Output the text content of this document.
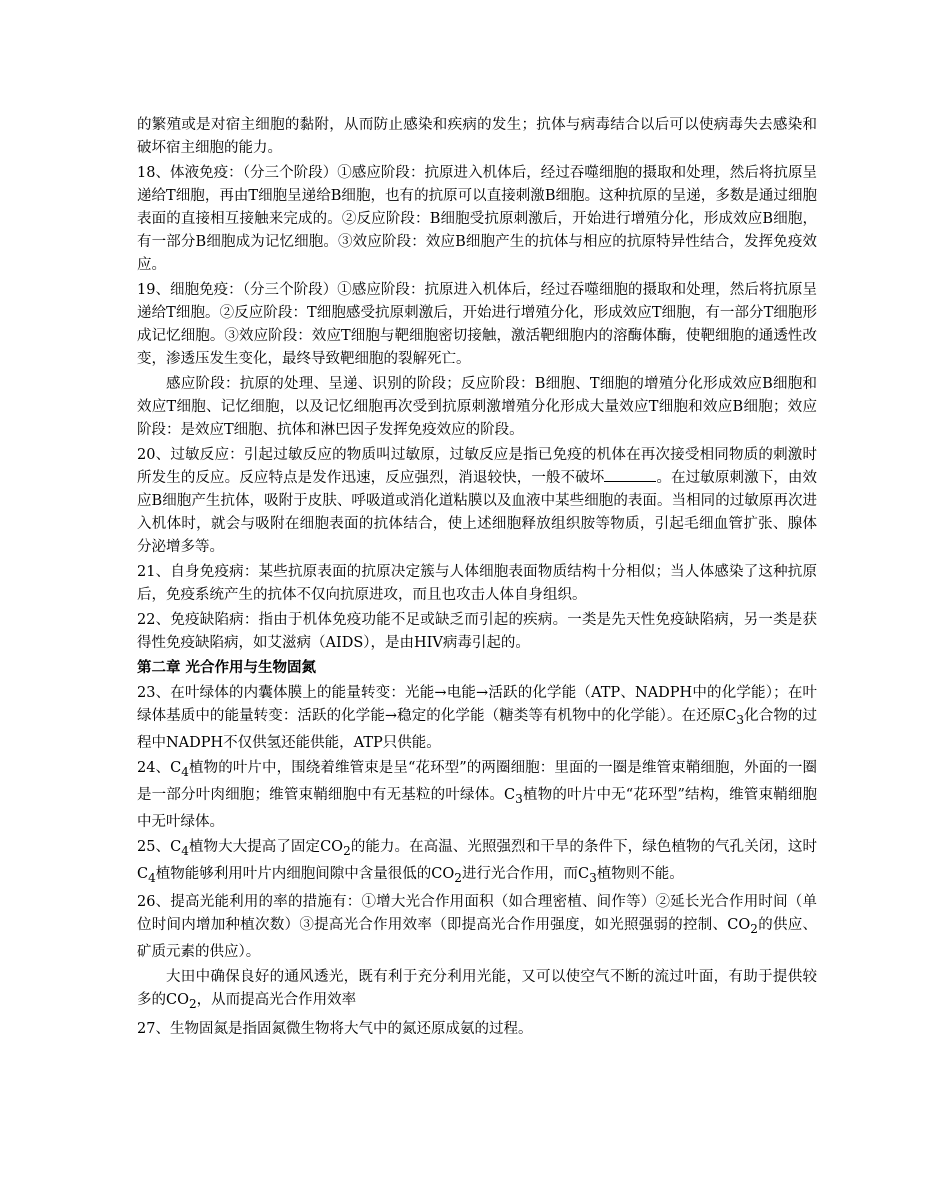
的繁殖或是对宿主细胞的黏附，从而防止感染和疾病的发生；抗体与病毒结合以后可以使病毒失去感染和破坏宿主细胞的能力。

18、体液免疫：（分三个阶段）①感应阶段：抗原进入机体后，经过吞噬细胞的摄取和处理，然后将抗原呈递给T细胞，再由T细胞呈递给B细胞，也有的抗原可以直接刺激B细胞。这种抗原的呈递，多数是通过细胞表面的直接相互接触来完成的。②反应阶段：B细胞受抗原刺激后，开始进行增殖分化，形成效应B细胞，有一部分B细胞成为记忆细胞。③效应阶段：效应B细胞产生的抗体与相应的抗原特异性结合，发挥免疫效应。

19、细胞免疫：（分三个阶段）①感应阶段：抗原进入机体后，经过吞噬细胞的摄取和处理，然后将抗原呈递给T细胞。②反应阶段：T细胞感受抗原刺激后，开始进行增殖分化，形成效应T细胞，有一部分T细胞形成记忆细胞。③效应阶段：效应T细胞与靶细胞密切接触，激活靶细胞内的溶酶体酶，使靶细胞的通透性改变，渗透压发生变化，最终导致靶细胞的裂解死亡。

感应阶段：抗原的处理、呈递、识别的阶段；反应阶段：B细胞、T细胞的增殖分化形成效应B细胞和效应T细胞、记忆细胞，以及记忆细胞再次受到抗原刺激增殖分化形成大量效应T细胞和效应B细胞；效应阶段：是效应T细胞、抗体和淋巴因子发挥免疫效应的阶段。

20、过敏反应：引起过敏反应的物质叫过敏原，过敏反应是指已免疫的机体在再次接受相同物质的刺激时所发生的反应。反应特点是发作迅速，反应强烈，消退较快，一般不破坏	。在过敏原刺激下，由效应B细胞产生抗体，吸附于皮肤、呼吸道或消化道粘膜以及血液中某些细胞的表面。当相同的过敏原再次进入机体时，就会与吸附在细胞表面的抗体结合，使上述细胞释放组织胺等物质，引起毛细血管扩张、腺体分泌增多等。

21、自身免疫病：某些抗原表面的抗原决定簇与人体细胞表面物质结构十分相似；当人体感染了这种抗原后，免疫系统产生的抗体不仅向抗原进攻，而且也攻击人体自身组织。

22、免疫缺陷病：指由于机体免疫功能不足或缺乏而引起的疾病。一类是先天性免疫缺陷病，另一类是获得性免疫缺陷病，如艾滋病（AIDS），是由HIV病毒引起的。

第二章 光合作用与生物固氮

23、在叶绿体的内囊体膜上的能量转变：光能→电能→活跃的化学能（ATP、NADPH中的化学能）；在叶绿体基质中的能量转变：活跃的化学能→稳定的化学能（糖类等有机物中的化学能）。在还原$C_3$化合物的过程中NADPH不仅供氢还能供能，ATP只供能。

24、$C_4$植物的叶片中，围绕着维管束是呈“花环型”的两圈细胞：里面的一圈是维管束鞘细胞，外面的一圈是一部分叶肉细胞；维管束鞘细胞中有无基粒的叶绿体。$C_3$植物的叶片中无“花环型”结构，维管束鞘细胞中无叶绿体。

25、$C_4$植物大大提高了固定$CO_2$的能力。在高温、光照强烈和干旱的条件下，绿色植物的气孔关闭，这时$C_4$植物能够利用叶片内细胞间隙中含量很低的$CO_2$进行光合作用，而$C_3$植物则不能。

26、提高光能利用的率的措施有：①增大光合作用面积（如合理密植、间作等）②延长光合作用时间（单位时间内增加种植次数）③提高光合作用效率（即提高光合作用强度，如光照强弱的控制、$CO_2$的供应、矿质元素的供应）。

大田中确保良好的通风透光，既有利于充分利用光能，又可以使空气不断的流过叶面，有助于提供较多的$CO_2$，从而提高光合作用效率

27、生物固氮是指固氮微生物将大气中的氮还原成氨的过程。
